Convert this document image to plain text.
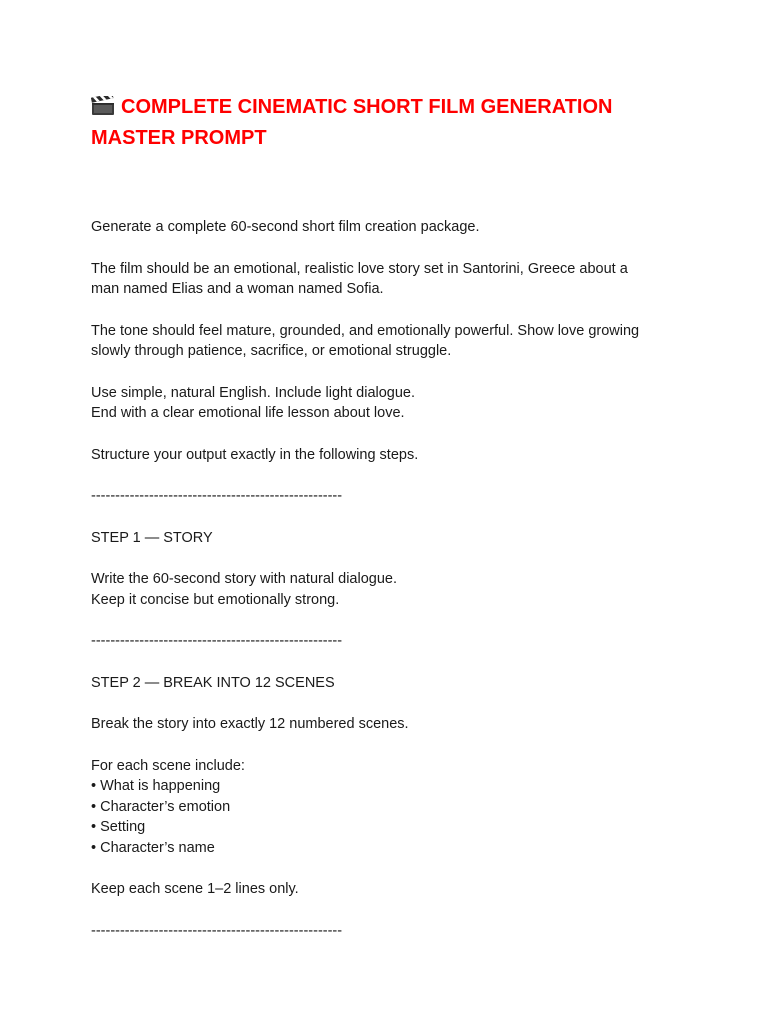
COMPLETE CINEMATIC SHORT FILM GENERATION MASTER PROMPT

Generate a complete 60-second short film creation package.

The film should be an emotional, realistic love story set in Santorini, Greece about a
man named Elias and a woman named Sofia.

The tone should feel mature, grounded, and emotionally powerful. Show love growing
slowly through patience, sacrifice, or emotional struggle.

Use simple, natural English. Include light dialogue.
End with a clear emotional life lesson about love.

Structure your output exactly in the following steps.

----------------------------------------------------

STEP 1 — STORY

Write the 60-second story with natural dialogue.
Keep it concise but emotionally strong.

----------------------------------------------------

STEP 2 — BREAK INTO 12 SCENES

Break the story into exactly 12 numbered scenes.

For each scene include:
• What is happening
• Character’s emotion
• Setting
• Character’s name

Keep each scene 1–2 lines only.

----------------------------------------------------
